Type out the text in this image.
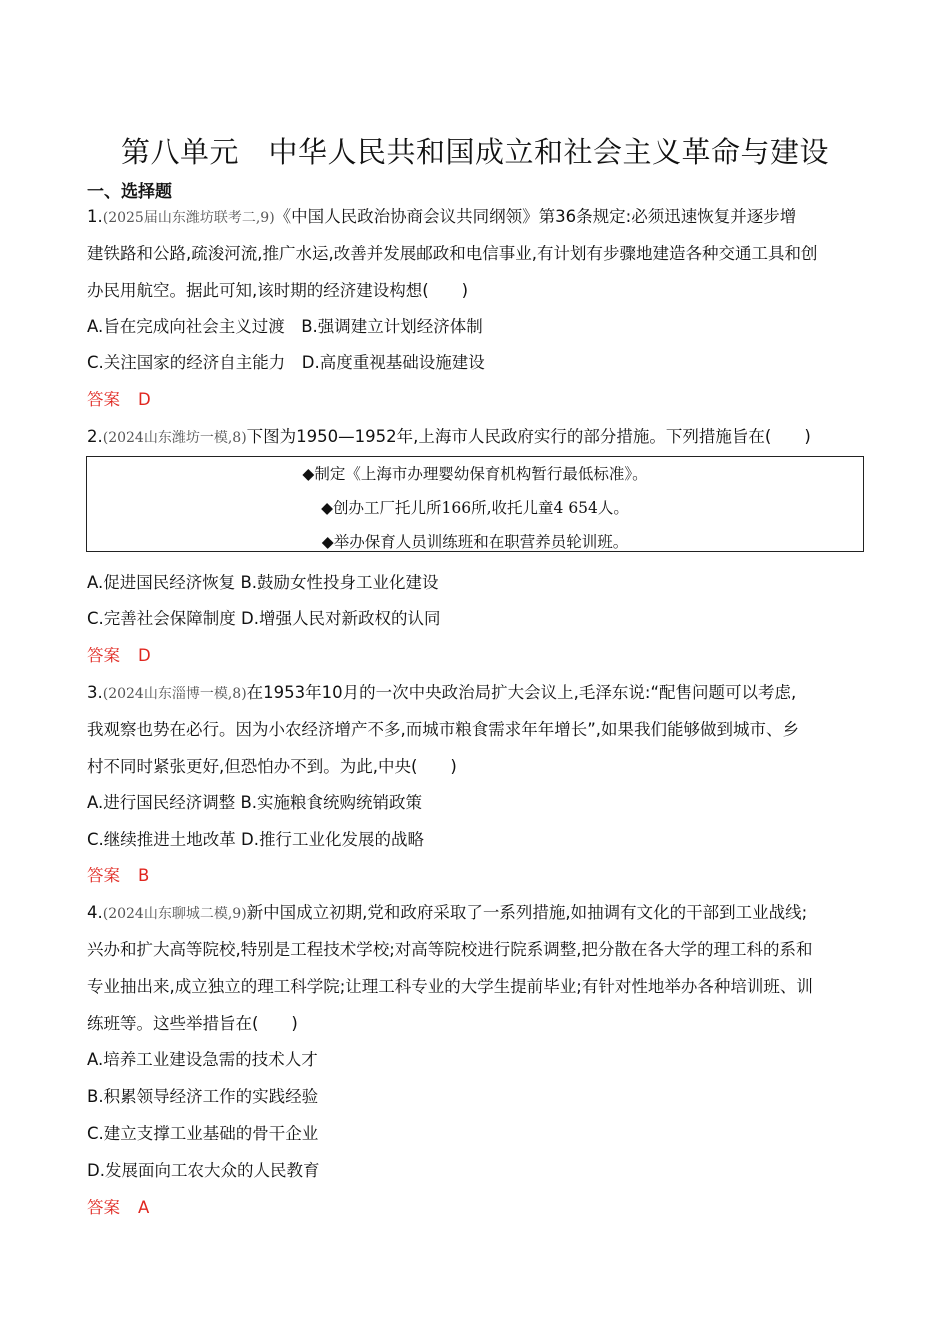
第八单元　中华人民共和国成立和社会主义革命与建设
一、选择题

1.(2025届山东潍坊联考二,9)《中国人民政治协商会议共同纲领》第36条规定:必须迅速恢复并逐步增

建铁路和公路,疏浚河流,推广水运,改善并发展邮政和电信事业,有计划有步骤地建造各种交通工具和创

办民用航空。据此可知,该时期的经济建设构想(　　)

A.旨在完成向社会主义过渡　B.强调建立计划经济体制

C.关注国家的经济自主能力　D.高度重视基础设施建设

答案 D

2.(2024山东潍坊一模,8)下图为1950—1952年,上海市人民政府实行的部分措施。下列措施旨在(　　)

◆制定《上海市办理婴幼保育机构暂行最低标准》。

◆创办工厂托儿所166所,收托儿童4 654人。

◆举办保育人员训练班和在职营养员轮训班。

A.促进国民经济恢复 B.鼓励女性投身工业化建设

C.完善社会保障制度 D.增强人民对新政权的认同

答案 D

3.(2024山东淄博一模,8)在1953年10月的一次中央政治局扩大会议上,毛泽东说:“配售问题可以考虑,

我观察也势在必行。因为小农经济增产不多,而城市粮食需求年年增长”,如果我们能够做到城市、乡

村不同时紧张更好,但恐怕办不到。为此,中央(　　)

A.进行国民经济调整 B.实施粮食统购统销政策

C.继续推进土地改革 D.推行工业化发展的战略

答案 B

4.(2024山东聊城二模,9)新中国成立初期,党和政府采取了一系列措施,如抽调有文化的干部到工业战线;

兴办和扩大高等院校,特别是工程技术学校;对高等院校进行院系调整,把分散在各大学的理工科的系和

专业抽出来,成立独立的理工科学院;让理工科专业的大学生提前毕业;有针对性地举办各种培训班、训

练班等。这些举措旨在(　　)

A.培养工业建设急需的技术人才

B.积累领导经济工作的实践经验

C.建立支撑工业基础的骨干企业

D.发展面向工农大众的人民教育

答案 A
